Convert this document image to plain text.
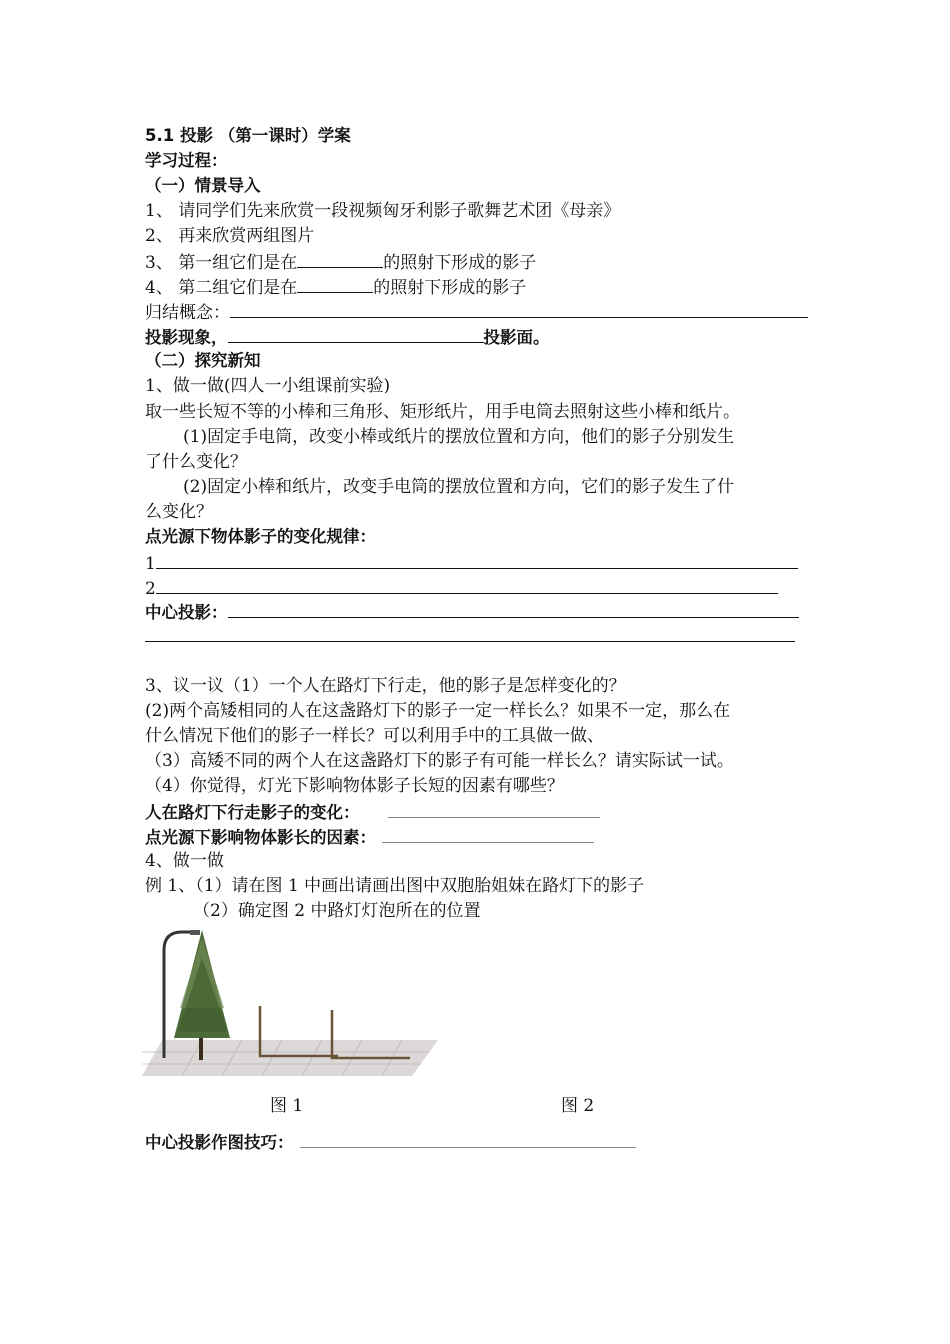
5.1 投影 （第一课时）学案
学习过程：
（一）情景导入
1、 请同学们先来欣赏一段视频匈牙利影子歌舞艺术团《母亲》
2、 再来欣赏两组图片
3、 第一组它们是在	的照射下形成的影子
4、 第二组它们是在	的照射下形成的影子
归结概念：
投影现象，	投影面。
（二）探究新知
1、做一做(四人一小组课前实验)
取一些长短不等的小棒和三角形、矩形纸片，用手电筒去照射这些小棒和纸片。
(1)固定手电筒，改变小棒或纸片的摆放位置和方向，他们的影子分别发生
了什么变化？
(2)固定小棒和纸片，改变手电筒的摆放位置和方向，它们的影子发生了什
么变化？
点光源下物体影子的变化规律：
1
2
中心投影：
3、议一议（1）一个人在路灯下行走，他的影子是怎样变化的？
(2)两个高矮相同的人在这盏路灯下的影子一定一样长么？如果不一定，那么在
什么情况下他们的影子一样长？可以利用手中的工具做一做、
（3）高矮不同的两个人在这盏路灯下的影子有可能一样长么？请实际试一试。
（4）你觉得，灯光下影响物体影子长短的因素有哪些？
人在路灯下行走影子的变化：
点光源下影响物体影长的因素：
4、做一做
例 1、（1）请在图 1 中画出请画出图中双胞胎姐妹在路灯下的影子
（2）确定图 2 中路灯灯泡所在的位置
图 1	图 2
中心投影作图技巧：
